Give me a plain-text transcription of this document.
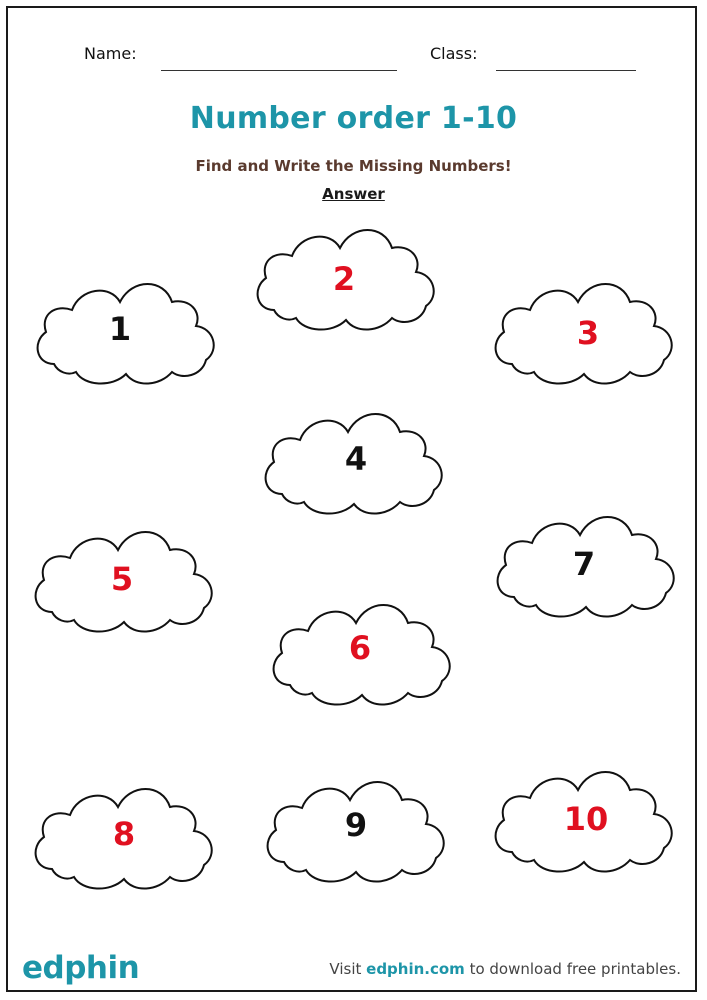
Name:	Class:
Number order 1-10
Find and Write the Missing Numbers!
Answer
1
2
3
4
5
6
7
8	9	10
edphin	Visit edphin.com to download free printables.
